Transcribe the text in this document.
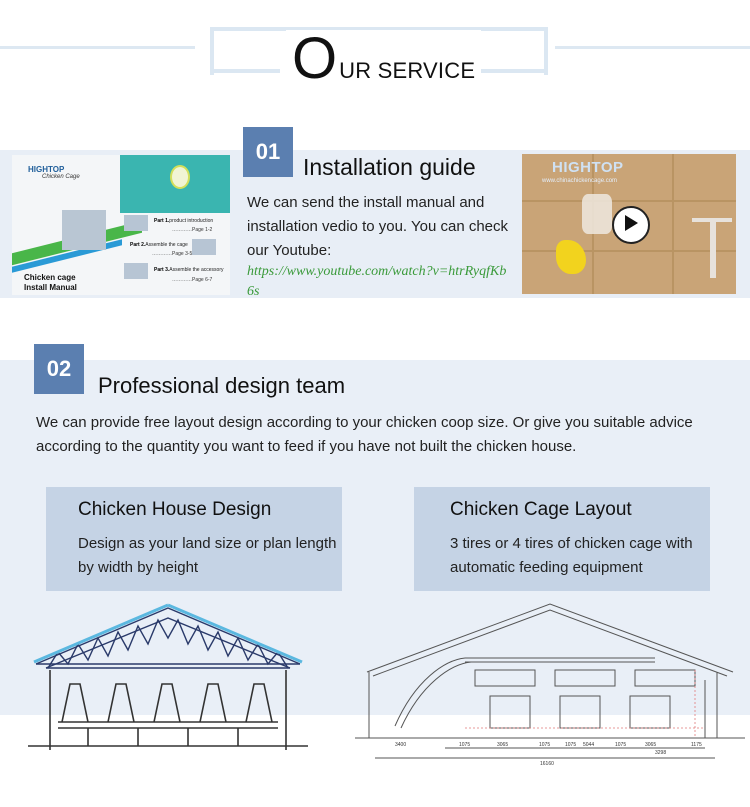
O UR SERVICE
01
Installation guide
We can send the install manual and installation vedio to you. You can check our Youtube:
https://www.youtube.com/watch?v=htrRyqfKb6s
HIGHTOP
Chicken Cage
Chicken cage
Install Manual
Part 1.product introduction
…………Page 1-2
Part 2.Assemble the cage
…………Page 3-5
Part 3.Assemble the accessory
…………Page 6-7
HIGHTOP
www.chinachickencage.com
02
Professional design team
We can provide free layout design according to your chicken coop size. Or give you suitable advice according to the quantity you want to feed if you have not built the chicken house.
Chicken House Design
Design as your land size or plan length
by width by height
Chicken Cage Layout
3 tires or 4 tires of chicken cage with
automatic feeding equipment
3400	1075	3065	1075	1075 5044	1075	3065	1175
3298
16160
